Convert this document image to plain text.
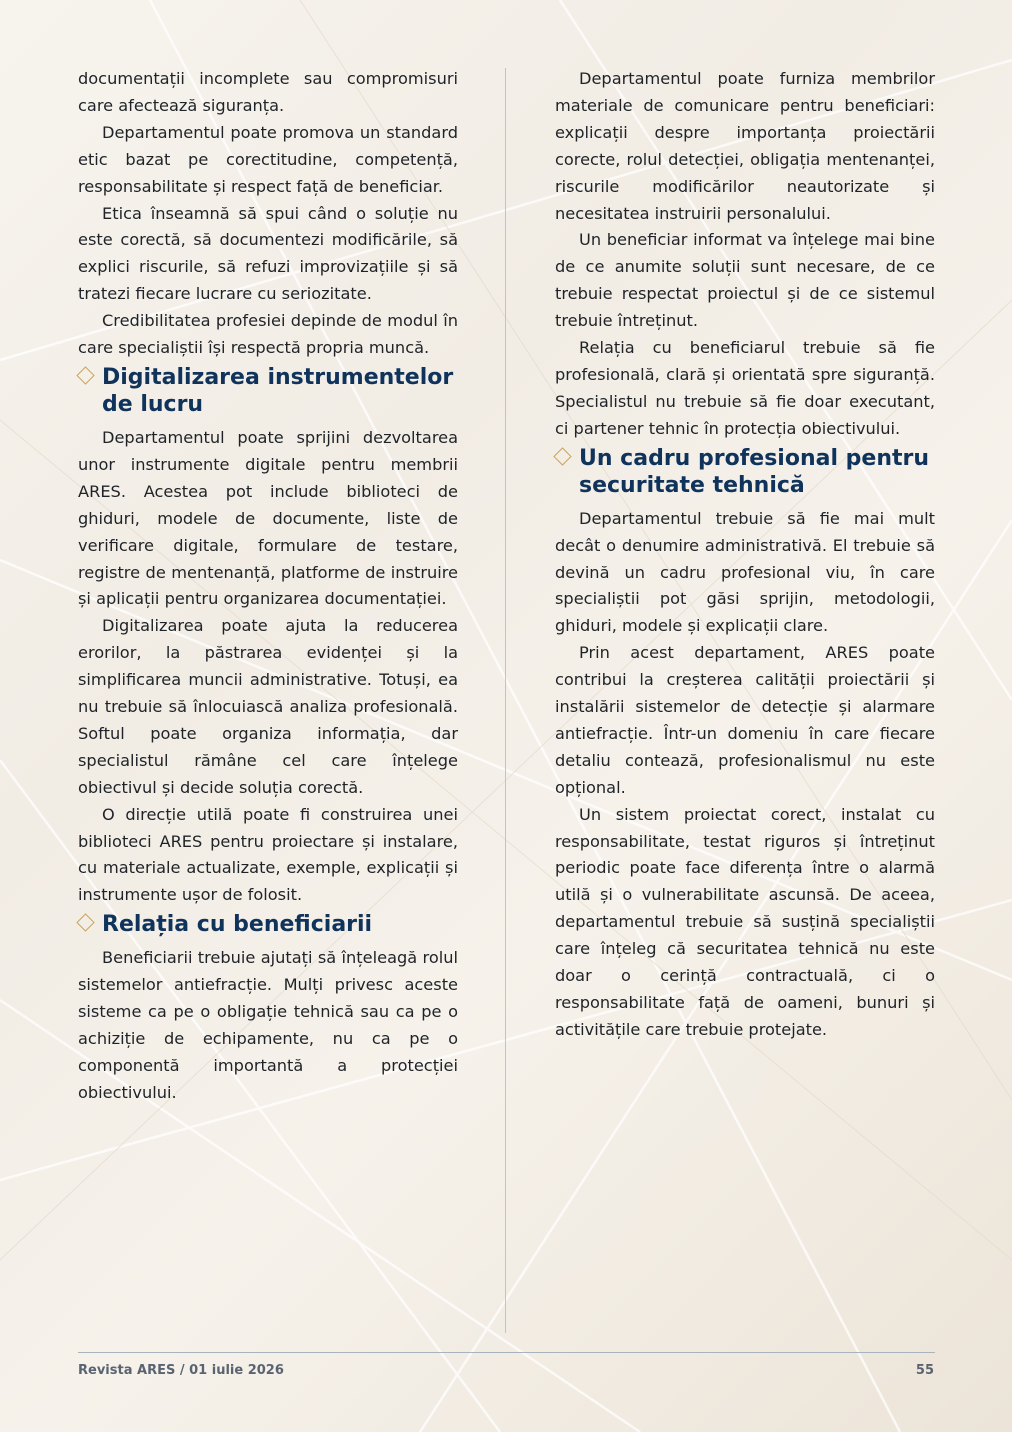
documentații incomplete sau compromisuri care afectează siguranța.

Departamentul poate promova un standard etic bazat pe corectitudine, competență, responsabilitate și respect față de beneficiar.

Etica înseamnă să spui când o soluție nu este corectă, să documentezi modificările, să explici riscurile, să refuzi improvizațiile și să tratezi fiecare lucrare cu seriozitate.

Credibilitatea profesiei depinde de modul în care specialiștii își respectă propria muncă.

Digitalizarea instrumentelor de lucru

Departamentul poate sprijini dezvoltarea unor instrumente digitale pentru membrii ARES. Acestea pot include biblioteci de ghiduri, modele de documente, liste de verificare digitale, formulare de testare, registre de mentenanță, platforme de instruire și aplicații pentru organizarea documentației.

Digitalizarea poate ajuta la reducerea erorilor, la păstrarea evidenței și la simplificarea muncii administrative. Totuși, ea nu trebuie să înlocuiască analiza profesională. Softul poate organiza informația, dar specialistul rămâne cel care înțelege obiectivul și decide soluția corectă.

O direcție utilă poate fi construirea unei biblioteci ARES pentru proiectare și instalare, cu materiale actualizate, exemple, explicații și instrumente ușor de folosit.

Relația cu beneficiarii

Beneficiarii trebuie ajutați să înțeleagă rolul sistemelor antiefracție. Mulți privesc aceste sisteme ca pe o obligație tehnică sau ca pe o achiziție de echipamente, nu ca pe o componentă importantă a protecției obiectivului.

Departamentul poate furniza membrilor materiale de comunicare pentru beneficiari: explicații despre importanța proiectării corecte, rolul detecției, obligația mentenanței, riscurile modificărilor neautorizate și necesitatea instruirii personalului.

Un beneficiar informat va înțelege mai bine de ce anumite soluții sunt necesare, de ce trebuie respectat proiectul și de ce sistemul trebuie întreținut.

Relația cu beneficiarul trebuie să fie profesională, clară și orientată spre siguranță. Specialistul nu trebuie să fie doar executant, ci partener tehnic în protecția obiectivului.

Un cadru profesional pentru securitate tehnică

Departamentul trebuie să fie mai mult decât o denumire administrativă. El trebuie să devină un cadru profesional viu, în care specialiștii pot găsi sprijin, metodologii, ghiduri, modele și explicații clare.

Prin acest departament, ARES poate contribui la creșterea calității proiectării și instalării sistemelor de detecție și alarmare antiefracție. Într-un domeniu în care fiecare detaliu contează, profesionalismul nu este opțional.

Un sistem proiectat corect, instalat cu responsabilitate, testat riguros și întreținut periodic poate face diferența între o alarmă utilă și o vulnerabilitate ascunsă. De aceea, departamentul trebuie să susțină specialiștii care înțeleg că securitatea tehnică nu este doar o cerință contractuală, ci o responsabilitate față de oameni, bunuri și activitățile care trebuie protejate.

Revista ARES / 01 iulie 2026	55
